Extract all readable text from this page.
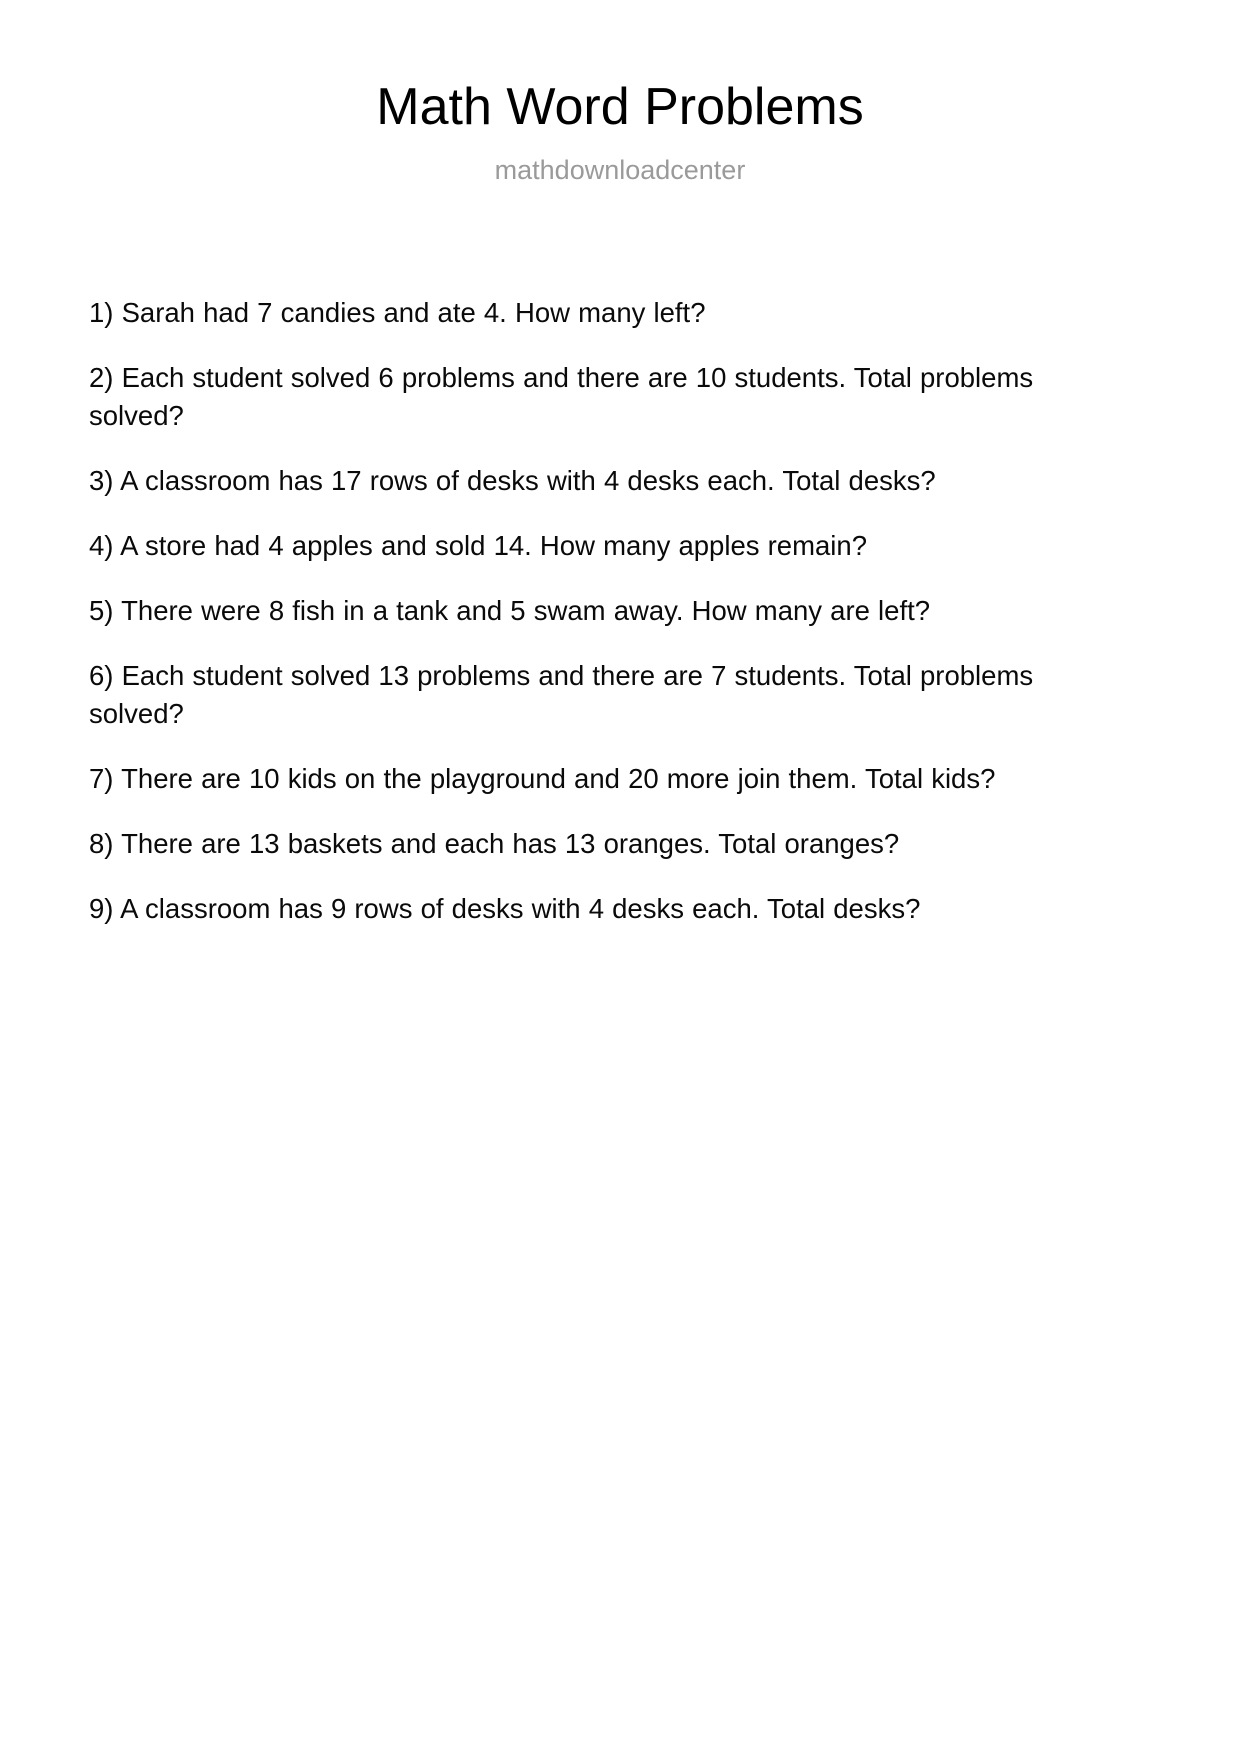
Math Word Problems

mathdownloadcenter

1) Sarah had 7 candies and ate 4. How many left?

2) Each student solved 6 problems and there are 10 students. Total problems solved?

3) A classroom has 17 rows of desks with 4 desks each. Total desks?

4) A store had 4 apples and sold 14. How many apples remain?

5) There were 8 fish in a tank and 5 swam away. How many are left?

6) Each student solved 13 problems and there are 7 students. Total problems solved?

7) There are 10 kids on the playground and 20 more join them. Total kids?

8) There are 13 baskets and each has 13 oranges. Total oranges?

9) A classroom has 9 rows of desks with 4 desks each. Total desks?
